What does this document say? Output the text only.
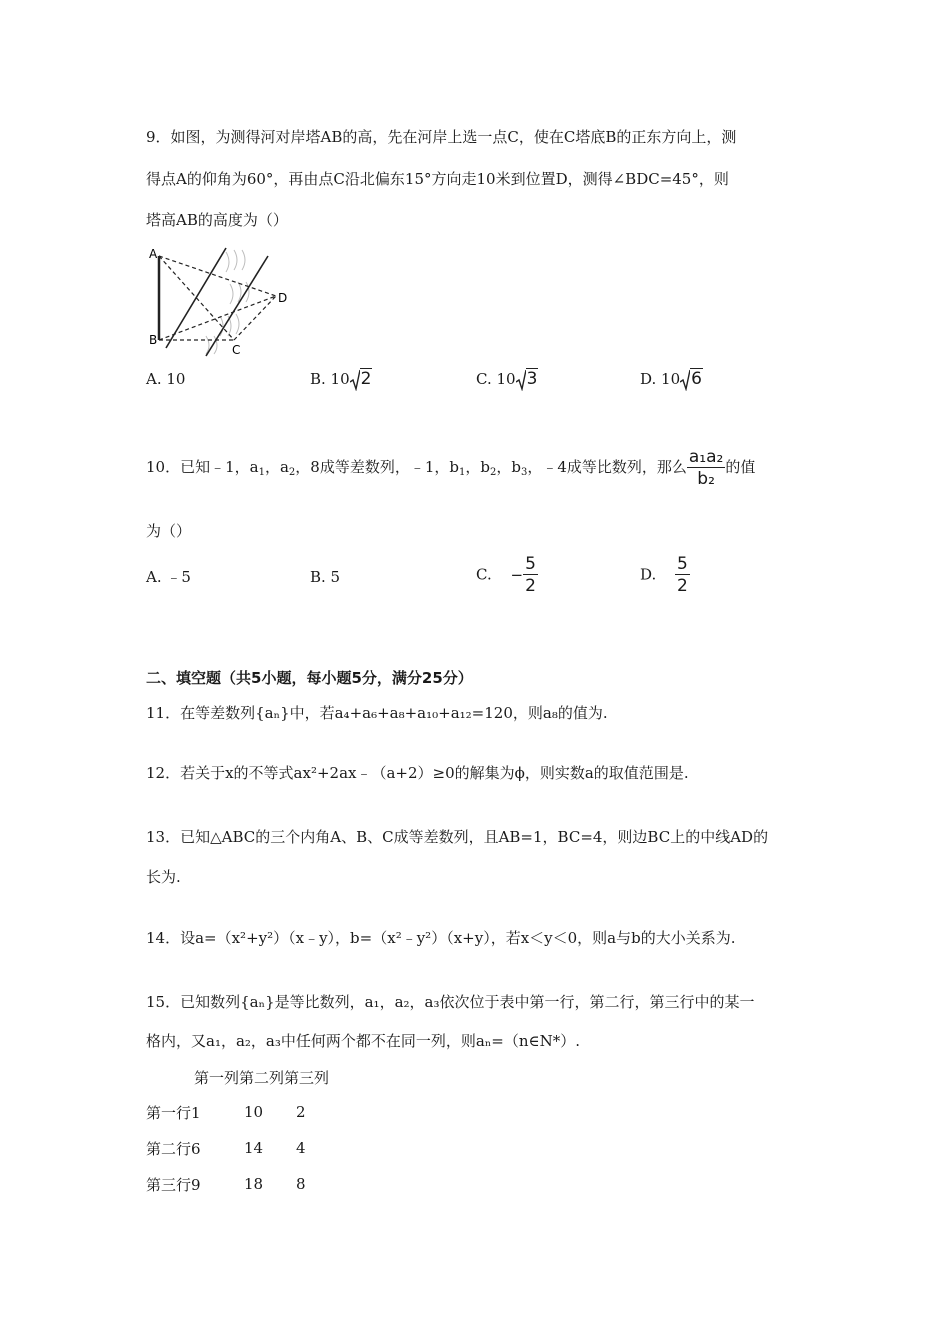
9．如图，为测得河对岸塔AB的高，先在河岸上选一点C，使在C塔底B的正东方向上，测
得点A的仰角为60°，再由点C沿北偏东15°方向走10米到位置D，测得∠BDC=45°，则
塔高AB的高度为（）
A
B
C
D
A. 10	B. 10 2	C. 10 3	D. 10 6
10．已知﹣1，$a_1$，$a_2$，8成等差数列，﹣1，$b_1$，$b_2$，$b_3$，﹣4成等比数列，那么 $\frac{\text{a₁a₂}}{\text{b₂}}$ 的值
为（）
A. ﹣5	B. 5	C. − $\frac{5}{2}$	D. $\frac{5}{2}$
二、填空题（共5小题，每小题5分，满分25分）
11．在等差数列{aₙ}中，若a₄+a₆+a₈+a₁₀+a₁₂=120，则a₈的值为.
12．若关于x的不等式ax²+2ax﹣（a+2）≥0的解集为ϕ，则实数a的取值范围是.
13．已知△ABC的三个内角A、B、C成等差数列，且AB=1，BC=4，则边BC上的中线AD的
长为.
14．设a=（x²+y²）（x﹣y），b=（x²﹣y²）（x+y），若x＜y＜0，则a与b的大小关系为.
15．已知数列{aₙ}是等比数列，a₁，a₂，a₃依次位于表中第一行，第二行，第三行中的某一
格内，又a₁，a₂，a₃中任何两个都不在同一列，则aₙ=（n∈N*）.
第一列第二列第三列
第一行1	10	2
第二行6	14	4
第三行9	18	8
